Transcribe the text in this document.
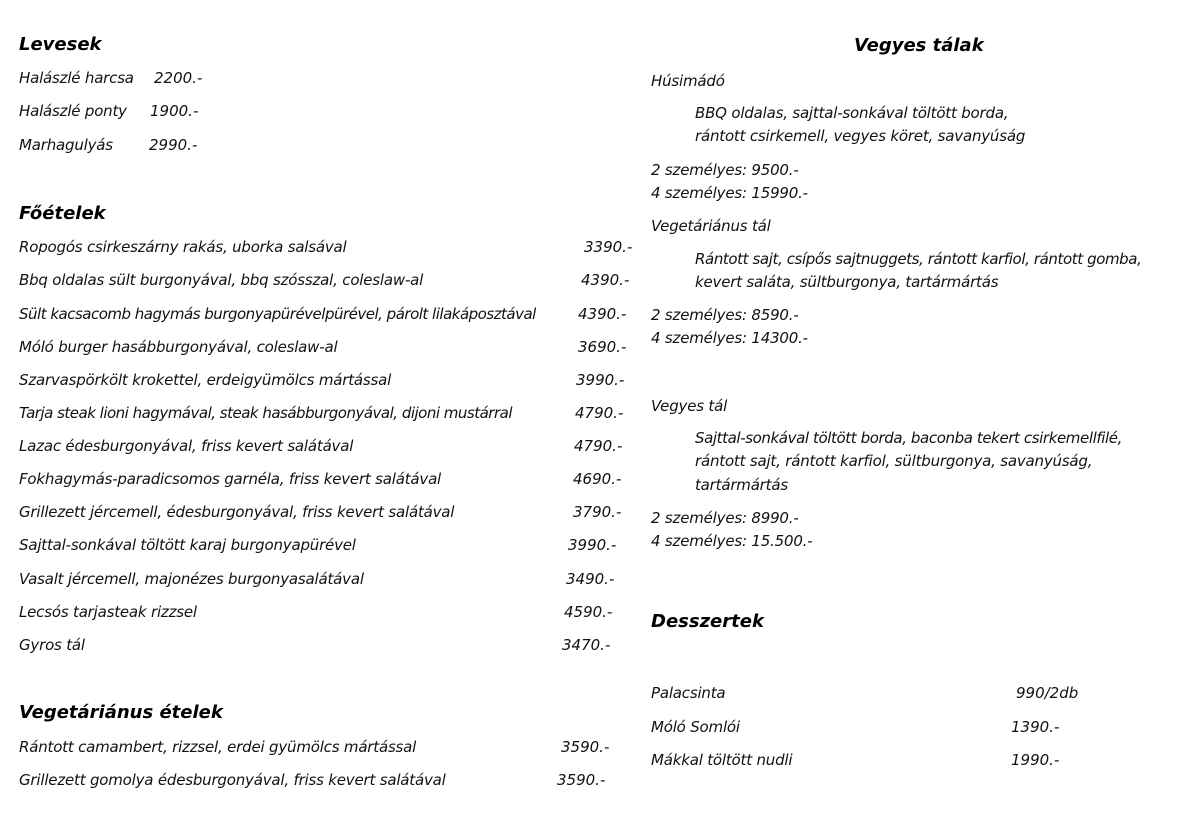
Levesek
Halászlé harcsa 2200.-
Halászlé ponty 1900.-
Marhagulyás 2990.-
Főételek
Ropogós csirkeszárny rakás, uborka salsával	3390.-
Bbq oldalas sült burgonyával, bbq szósszal, coleslaw-al	4390.-
Sült kacsacomb hagymás burgonyapürévelpürével, párolt lilakáposztával	4390.-
Móló burger hasábburgonyával, coleslaw-al	3690.-
Szarvaspörkölt krokettel, erdeigyümölcs mártással	3990.-
Tarja steak lioni hagymával, steak hasábburgonyával, dijoni mustárral	4790.-
Lazac édesburgonyával, friss kevert salátával	4790.-
Fokhagymás-paradicsomos garnéla, friss kevert salátával	4690.-
Grillezett jércemell, édesburgonyával, friss kevert salátával	3790.-
Sajttal-sonkával töltött karaj burgonyapürével	3990.-
Vasalt jércemell, majonézes burgonyasalátával	3490.-
Lecsós tarjasteak rizzsel	4590.-
Gyros tál	3470.-
Vegetáriánus ételek
Rántott camambert, rizzsel, erdei gyümölcs mártással	3590.-
Grillezett gomolya édesburgonyával, friss kevert salátával	3590.-
Vegyes tálak
Húsimádó
BBQ oldalas, sajttal-sonkával töltött borda,
rántott csirkemell, vegyes köret, savanyúság
2 személyes: 9500.-
4 személyes: 15990.-
Vegetáriánus tál
Rántott sajt, csípős sajtnuggets, rántott karfiol, rántott gomba,
kevert saláta, sültburgonya, tartármártás
2 személyes: 8590.-
4 személyes: 14300.-
Vegyes tál
Sajttal-sonkával töltött borda, baconba tekert csirkemellfilé,
rántott sajt, rántott karfiol, sültburgonya, savanyúság,
tartármártás
2 személyes: 8990.-
4 személyes: 15.500.-
Desszertek
Palacsinta	990/2db
Móló Somlói	1390.-
Mákkal töltött nudli	1990.-
